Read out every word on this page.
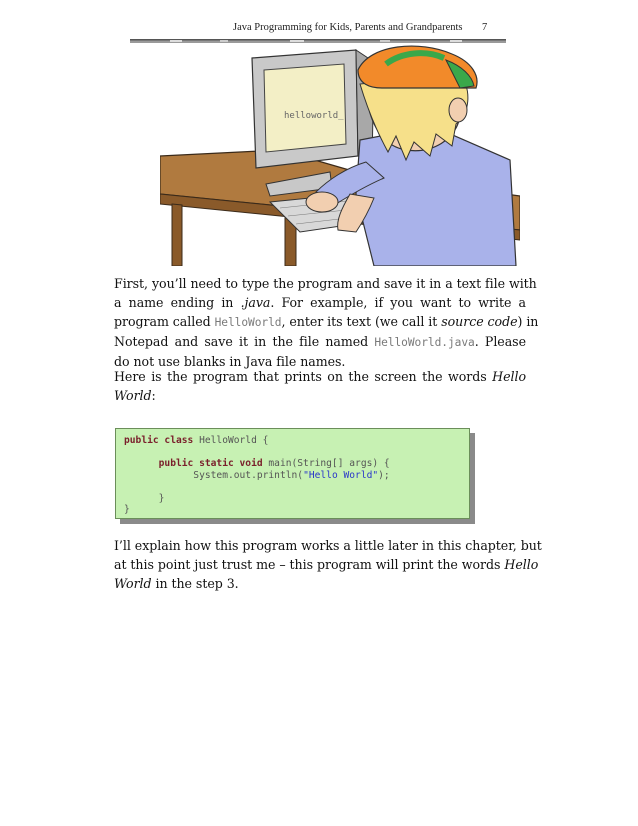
Java Programming for Kids, Parents and Grandparents 7
helloworld_
First, you’ll need to type the program and save it in a text file with
a name ending in .java. For example, if you want to write a
program called HelloWorld, enter its text (we call it source code) in
Notepad and save it in the file named HelloWorld.java. Please
do not use blanks in Java file names.
Here is the program that prints on the screen the words Hello
World:
public class HelloWorld {

public static void main(String[] args) {
System.out.println("Hello World");

}
}
I’ll explain how this program works a little later in this chapter, but
at this point just trust me – this program will print the words Hello
World in the step 3.
